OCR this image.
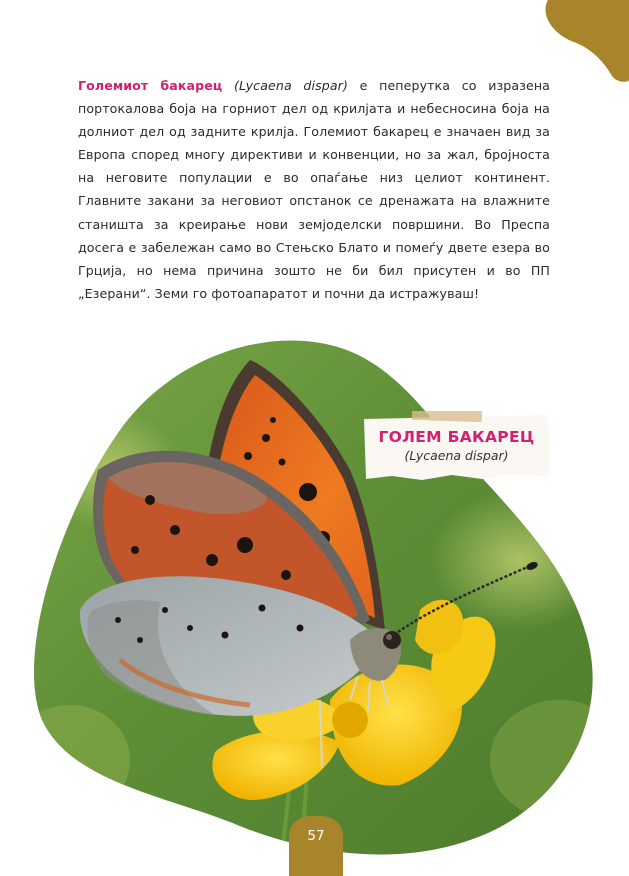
Големиот бакарец (Lycaena dispar) е пеперутка со изразена портокалова боја на горниот дел од крилјата и небесносина боја на долниот дел од задните крилја. Големиот бакарец е значаен вид за Европа според многу директиви и конвенции, но за жал, бројноста на неговите популации е во опаѓање низ целиот континент. Главните закани за неговиот опстанок се дренажата на влажните станишта за креирање нови земјоделски површини. Во Преспа досега е забележан само во Стењско Блато и помеѓу двете езера во Грција, но нема причина зошто не би бил присутен и во ПП „Езерани“. Земи го фотоапаратот и почни да истражуваш!

ГОЛЕМ БАКАРЕЦ
(Lycaena dispar)
57
